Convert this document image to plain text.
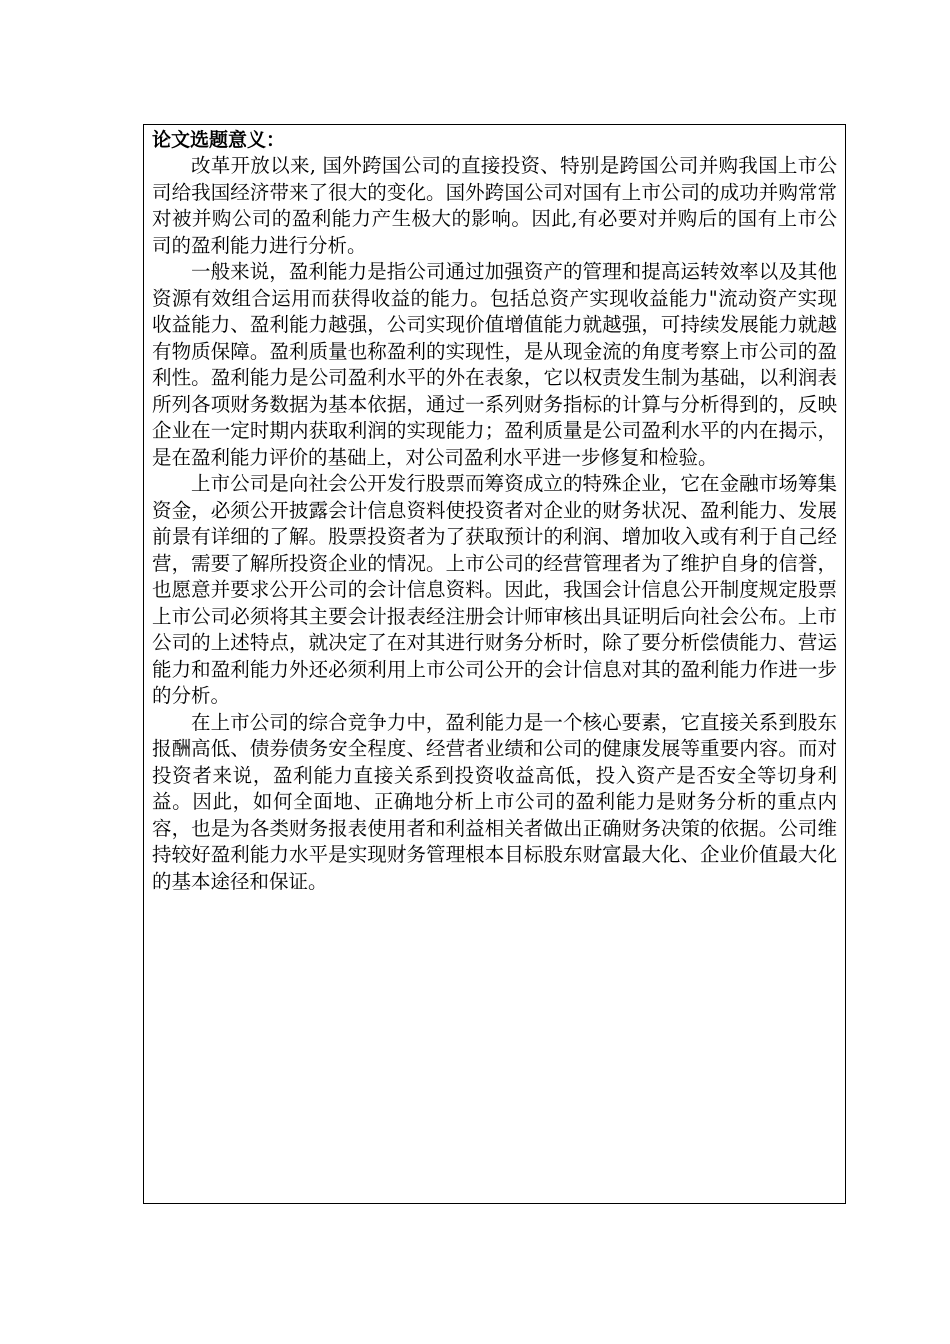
论文选题意义：

改革开放以来, 国外跨国公司的直接投资、特别是跨国公司并购我国上市公司给我国经济带来了很大的变化。国外跨国公司对国有上市公司的成功并购常常对被并购公司的盈利能力产生极大的影响。因此,有必要对并购后的国有上市公司的盈利能力进行分析。

一般来说，盈利能力是指公司通过加强资产的管理和提高运转效率以及其他资源有效组合运用而获得收益的能力。包括总资产实现收益能力"流动资产实现收益能力、盈利能力越强，公司实现价值增值能力就越强，可持续发展能力就越有物质保障。盈利质量也称盈利的实现性，是从现金流的角度考察上市公司的盈利性。盈利能力是公司盈利水平的外在表象，它以权责发生制为基础，以利润表所列各项财务数据为基本依据，通过一系列财务指标的计算与分析得到的，反映企业在一定时期内获取利润的实现能力；盈利质量是公司盈利水平的内在揭示，是在盈利能力评价的基础上，对公司盈利水平进一步修复和检验。

上市公司是向社会公开发行股票而筹资成立的特殊企业，它在金融市场筹集资金，必须公开披露会计信息资料使投资者对企业的财务状况、盈利能力、发展前景有详细的了解。股票投资者为了获取预计的利润、增加收入或有利于自己经营，需要了解所投资企业的情况。上市公司的经营管理者为了维护自身的信誉，也愿意并要求公开公司的会计信息资料。因此，我国会计信息公开制度规定股票上市公司必须将其主要会计报表经注册会计师审核出具证明后向社会公布。上市公司的上述特点，就决定了在对其进行财务分析时，除了要分析偿债能力、营运能力和盈利能力外还必须利用上市公司公开的会计信息对其的盈利能力作进一步的分析。

在上市公司的综合竞争力中，盈利能力是一个核心要素，它直接关系到股东报酬高低、债券债务安全程度、经营者业绩和公司的健康发展等重要内容。而对投资者来说，盈利能力直接关系到投资收益高低，投入资产是否安全等切身利益。因此，如何全面地、正确地分析上市公司的盈利能力是财务分析的重点内容，也是为各类财务报表使用者和利益相关者做出正确财务决策的依据。公司维持较好盈利能力水平是实现财务管理根本目标股东财富最大化、企业价值最大化的基本途径和保证。
